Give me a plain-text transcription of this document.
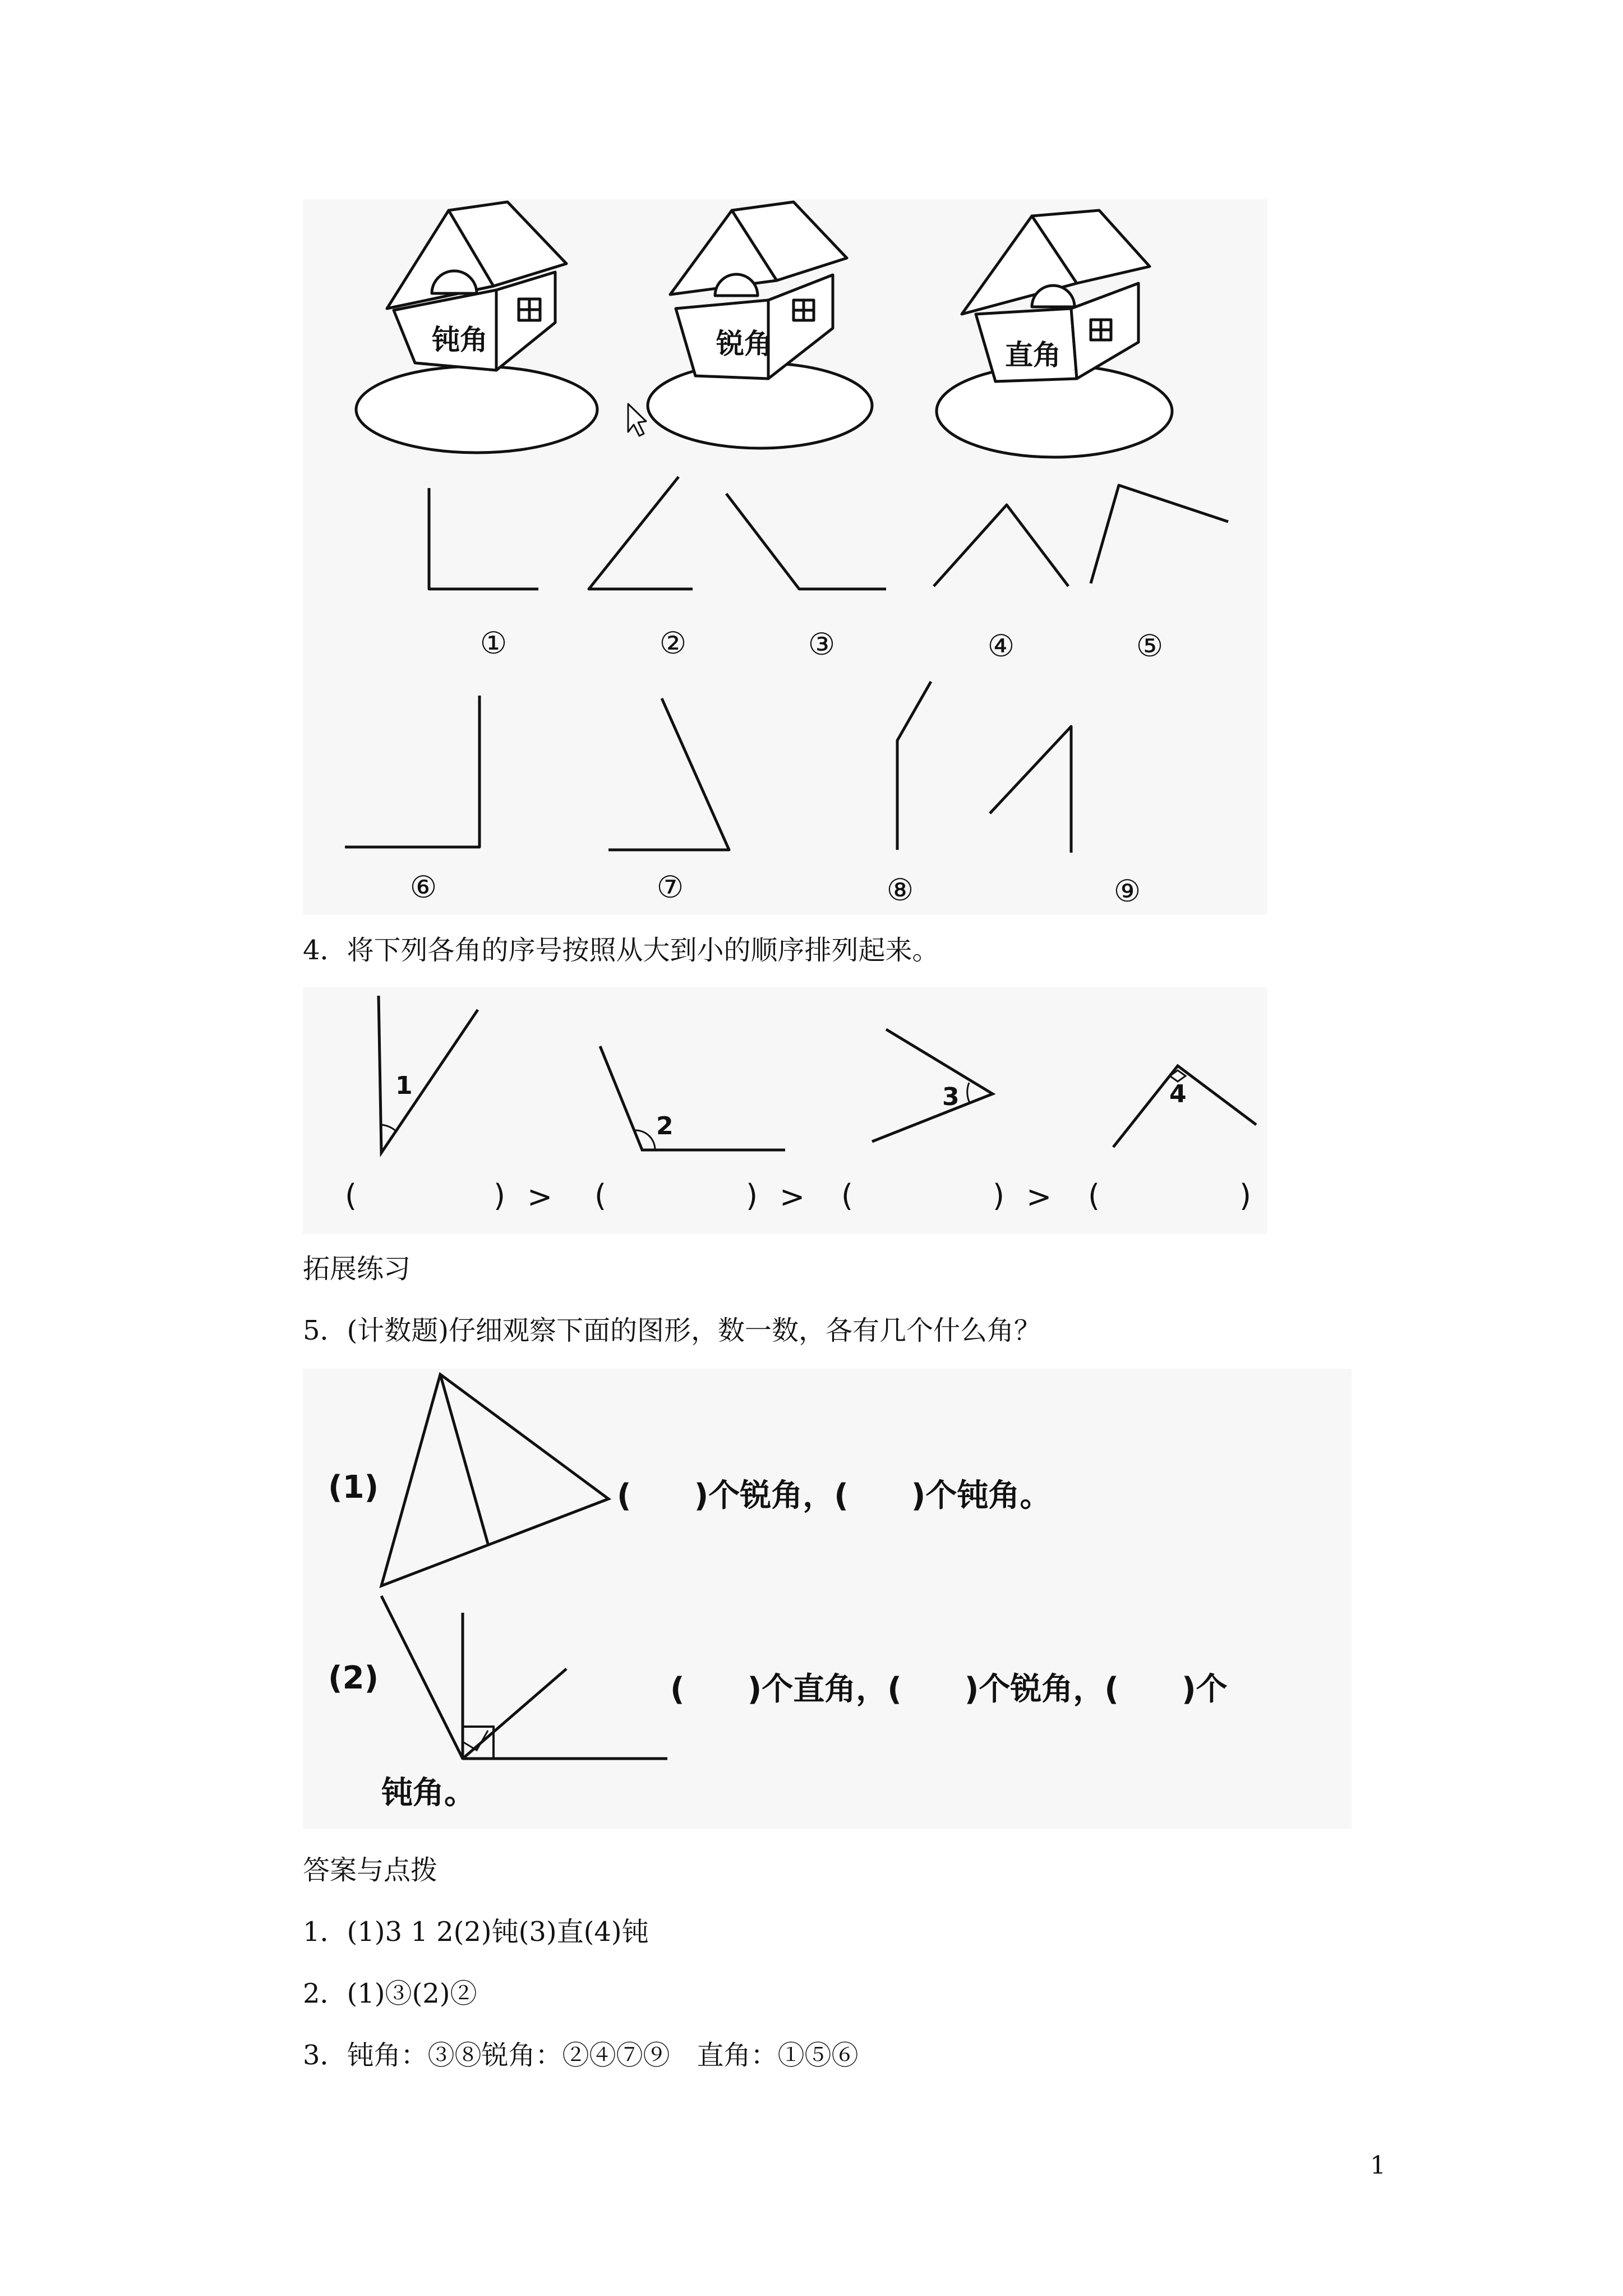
①	②	③	④	⑤
⑥	⑦	⑧	⑨
钝角	锐角	直角
4．将下列各角的序号按照从大到小的顺序排列起来。
1
2
3	4
(	) > (	) > (	) > (	)
拓展练习
5．(计数题)仔细观察下面的图形，数一数，各有几个什么角？
(1)	(　　)个锐角，(　　)个钝角。
(2)	(　　)个直角，(　　)个锐角，(　　)个
钝角。
答案与点拨
1．(1)3 1 2(2)钝(3)直(4)钝
2．(1)③(2)②
3．钝角：③⑧锐角：②④⑦⑨　直角：①⑤⑥
1
